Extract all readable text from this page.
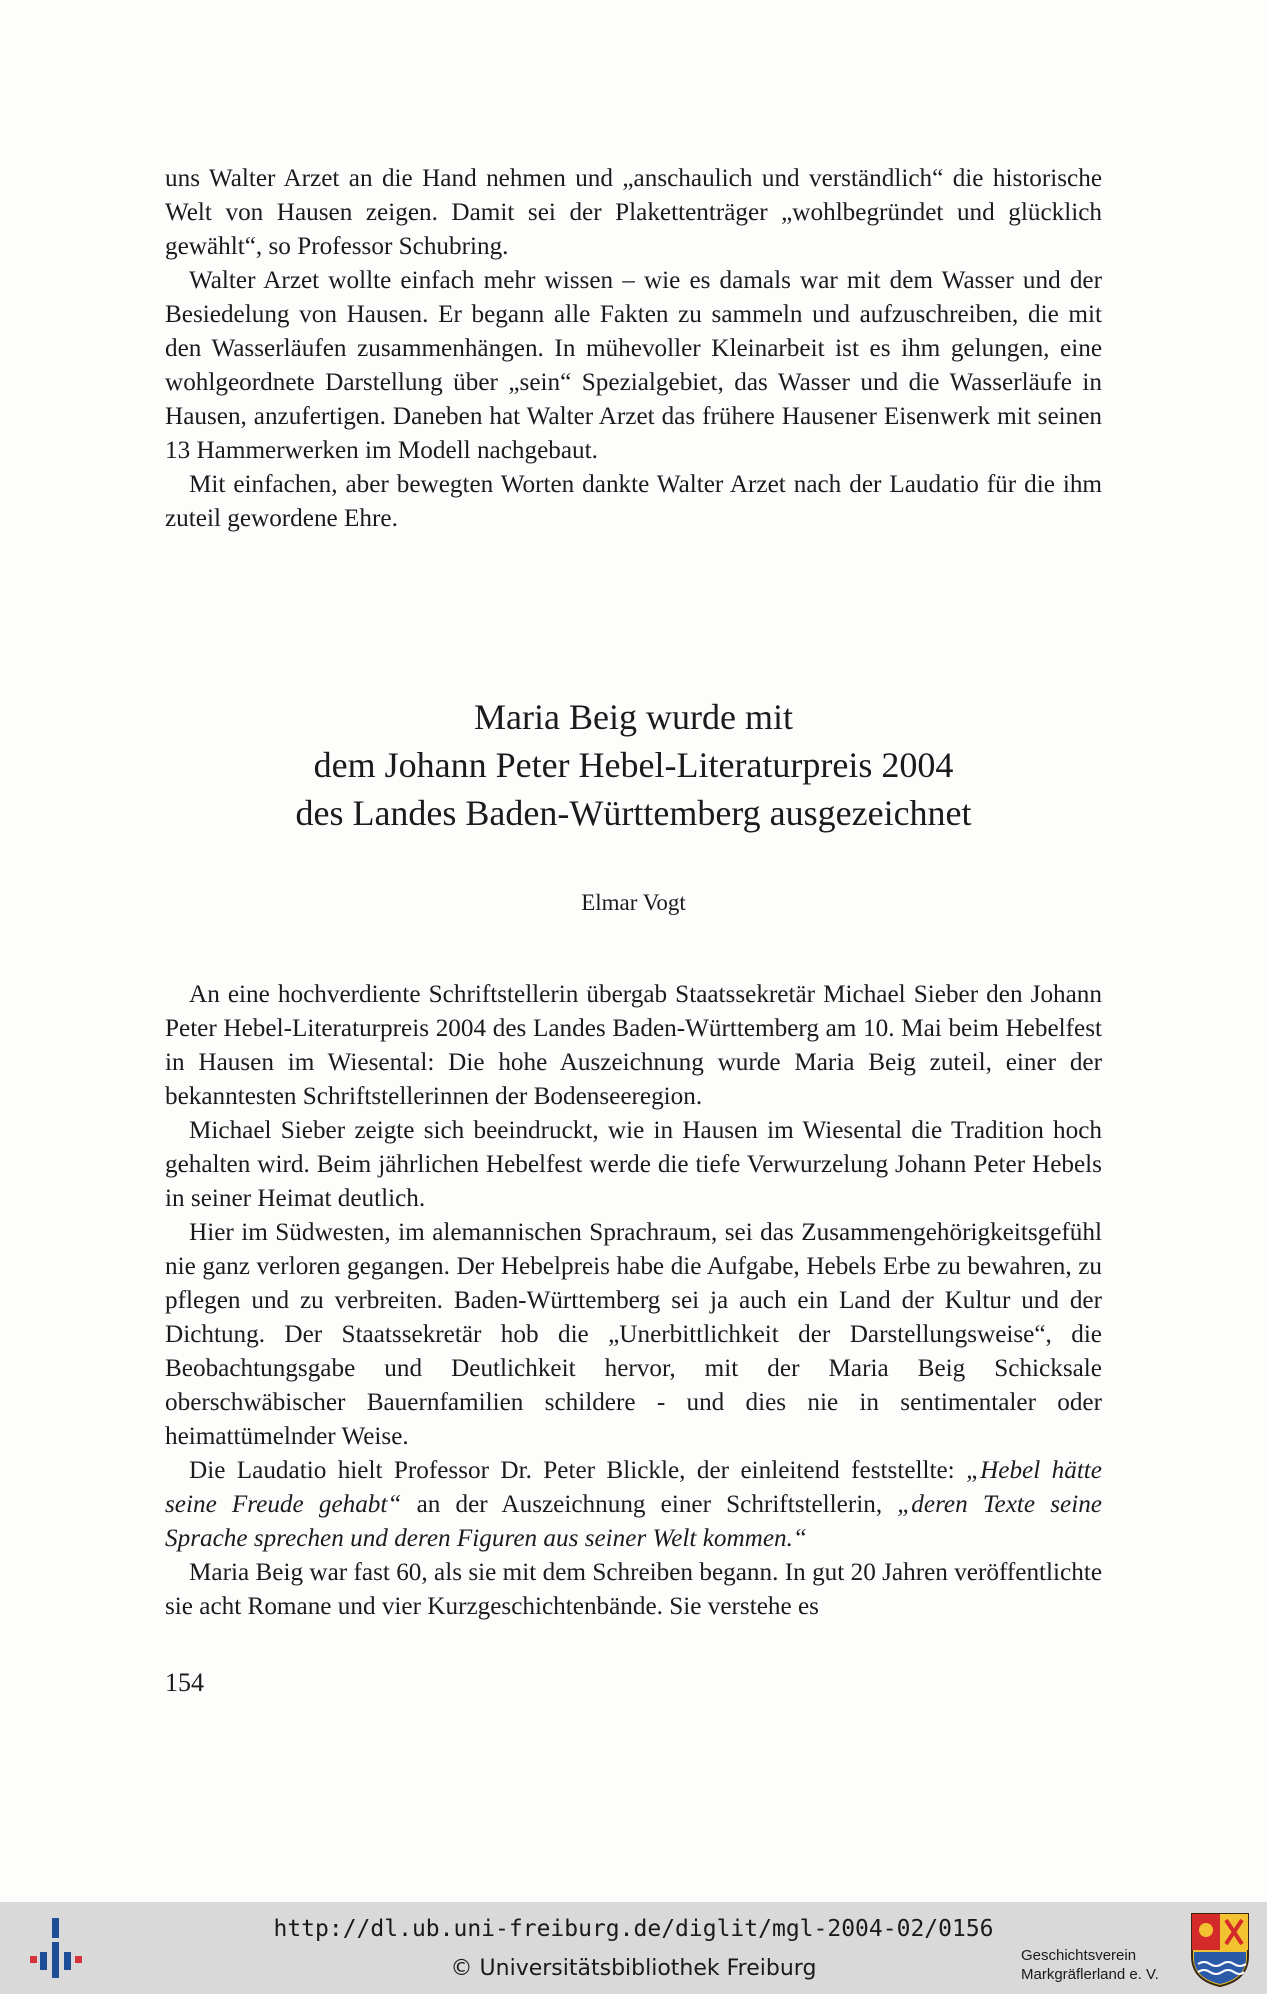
uns Walter Arzet an die Hand nehmen und „anschaulich und verständlich“ die historische Welt von Hausen zeigen. Damit sei der Plakettenträger „wohlbegründet und glücklich gewählt“, so Professor Schubring.

Walter Arzet wollte einfach mehr wissen – wie es damals war mit dem Wasser und der Besiedelung von Hausen. Er begann alle Fakten zu sammeln und aufzuschreiben, die mit den Wasserläufen zusammenhängen. In mühevoller Kleinarbeit ist es ihm gelungen, eine wohlgeordnete Darstellung über „sein“ Spezialgebiet, das Wasser und die Wasserläufe in Hausen, anzufertigen. Daneben hat Walter Arzet das frühere Hausener Eisenwerk mit seinen 13 Hammerwerken im Modell nachgebaut.

Mit einfachen, aber bewegten Worten dankte Walter Arzet nach der Laudatio für die ihm zuteil gewordene Ehre.

Maria Beig wurde mit
dem Johann Peter Hebel-Literaturpreis 2004
des Landes Baden-Württemberg ausgezeichnet
Elmar Vogt

An eine hochverdiente Schriftstellerin übergab Staatssekretär Michael Sieber den Johann Peter Hebel-Literaturpreis 2004 des Landes Baden-Württemberg am 10. Mai beim Hebelfest in Hausen im Wiesental: Die hohe Auszeichnung wurde Maria Beig zuteil, einer der bekanntesten Schriftstellerinnen der Bodenseeregion.

Michael Sieber zeigte sich beeindruckt, wie in Hausen im Wiesental die Tradition hoch gehalten wird. Beim jährlichen Hebelfest werde die tiefe Verwurzelung Johann Peter Hebels in seiner Heimat deutlich.

Hier im Südwesten, im alemannischen Sprachraum, sei das Zusammengehörigkeitsgefühl nie ganz verloren gegangen. Der Hebelpreis habe die Aufgabe, Hebels Erbe zu bewahren, zu pflegen und zu verbreiten. Baden-Württemberg sei ja auch ein Land der Kultur und der Dichtung. Der Staatssekretär hob die „Unerbittlichkeit der Darstellungsweise“, die Beobachtungsgabe und Deutlichkeit hervor, mit der Maria Beig Schicksale oberschwäbischer Bauernfamilien schildere - und dies nie in sentimentaler oder heimattümelnder Weise.

Die Laudatio hielt Professor Dr. Peter Blickle, der einleitend feststellte: „Hebel hätte seine Freude gehabt“ an der Auszeichnung einer Schriftstellerin, „deren Texte seine Sprache sprechen und deren Figuren aus seiner Welt kommen.“

Maria Beig war fast 60, als sie mit dem Schreiben begann. In gut 20 Jahren veröffentlichte sie acht Romane und vier Kurzgeschichtenbände. Sie verstehe es

154
http://dl.ub.uni-freiburg.de/diglit/mgl-2004-02/0156
© Universitätsbibliothek Freiburg
Geschichtsverein
Markgräflerland e. V.
